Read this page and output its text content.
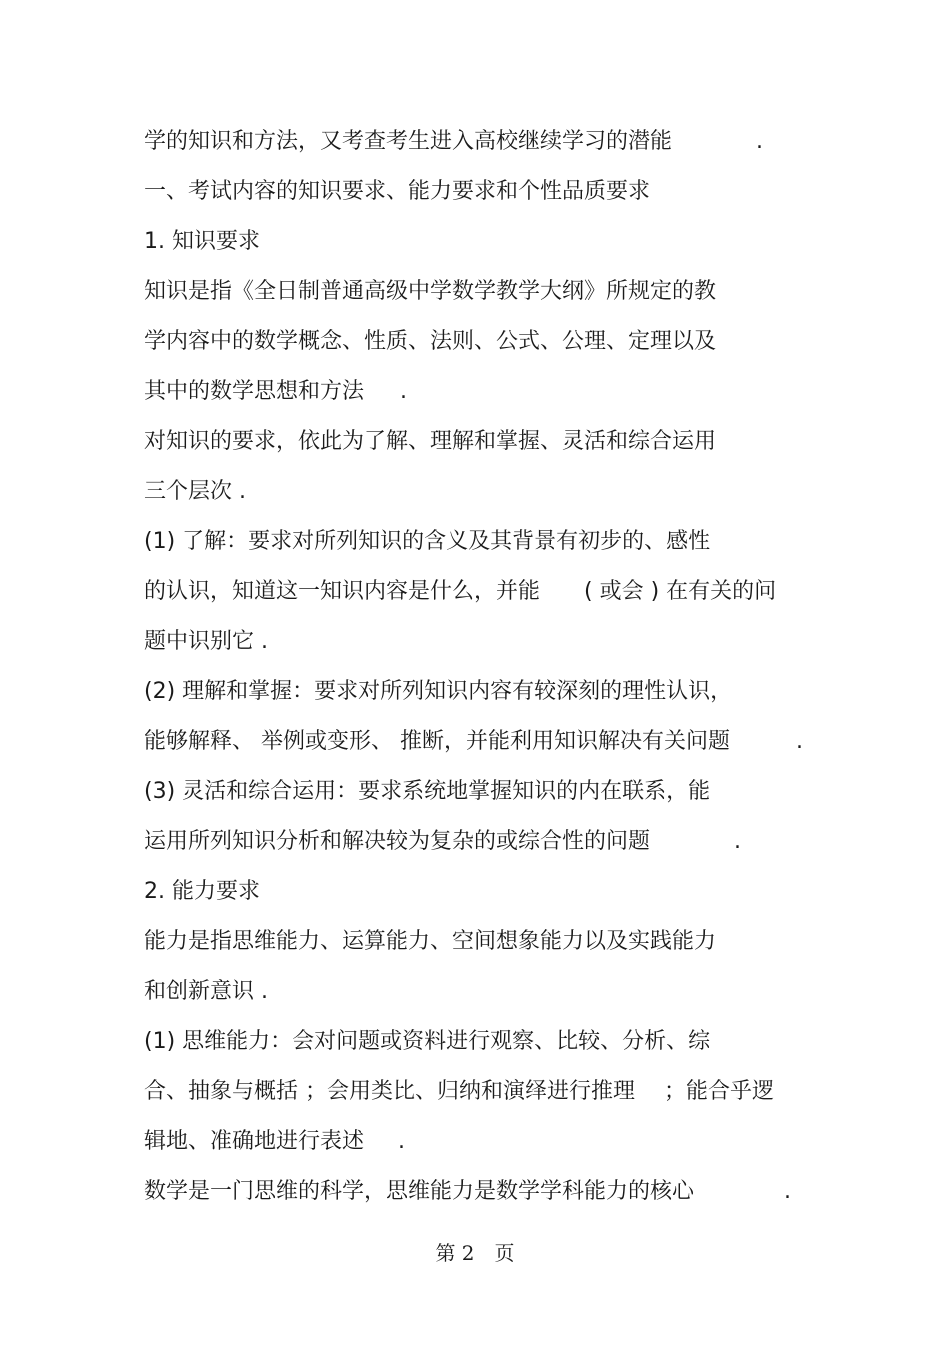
学的知识和方法，又考查考生进入高校继续学习的潜能	.
一、考试内容的知识要求、能力要求和个性品质要求
1. 知识要求
知识是指《全日制普通高级中学数学教学大纲》所规定的教
学内容中的数学概念、性质、法则、公式、公理、定理以及
其中的数学思想和方法 .
对知识的要求，依此为了解、理解和掌握、灵活和综合运用
三个层次 .
(1) 了解：要求对所列知识的含义及其背景有初步的、感性
的认识，知道这一知识内容是什么，并能　　( 或会 ) 在有关的问
题中识别它 .
(2) 理解和掌握：要求对所列知识内容有较深刻的理性认识，
能够解释、 举例或变形、 推断，并能利用知识解决有关问题	.
(3) 灵活和综合运用：要求系统地掌握知识的内在联系，能
运用所列知识分析和解决较为复杂的或综合性的问题	.
2. 能力要求
能力是指思维能力、运算能力、空间想象能力以及实践能力
和创新意识 .
(1) 思维能力：会对问题或资料进行观察、比较、分析、综
合、抽象与概括 ；会用类比、归纳和演绎进行推理　 ；能合乎逻
辑地、准确地进行表述 .
数学是一门思维的科学，思维能力是数学学科能力的核心	.
第 2　页
